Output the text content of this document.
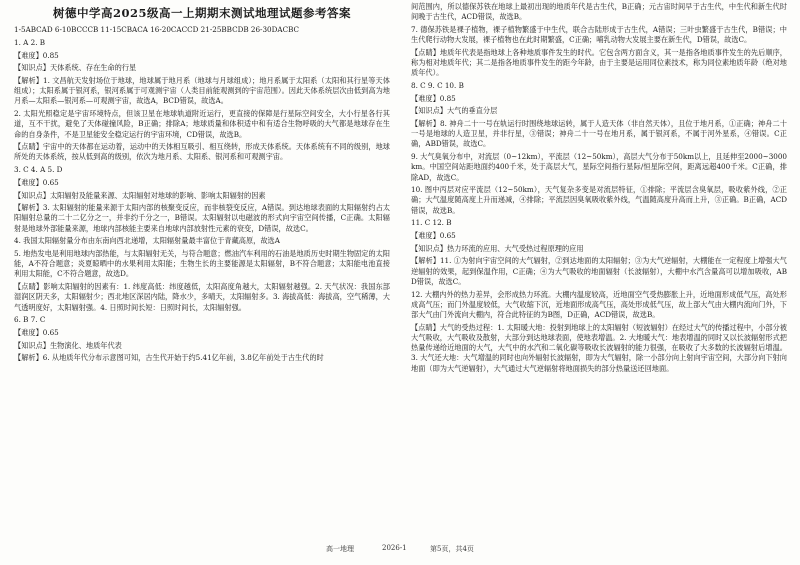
树德中学高2025级高一上期期末测试地理试题参考答案
1-5ABCAD 6-10BCCCB 11-15CBACA 16-20CACCD 21-25BBCDB 26-30DACBC
1. A 2. B
【难度】0.85
【知识点】天体系统、存在生命的行星
【解析】1. 文昌航天发射场位于地球，地球属于地月系（地球与月球组成）；地月系属于太阳系（太阳和其行星等天体组成）；太阳系属于银河系，银河系属于可观测宇宙（人类目前能观测到的宇宙范围）。因此天体系统层次由低到高为地月系—太阳系—银河系—可观测宇宙，故选A，BCD错误，故选A。
2. 太阳光照稳定是宇宙环境特点，但该卫星在地球轨道附近运行，更直接的保障是行星际空间安全，大小行星各行其道，互不干扰，避免了天体碰撞风险，B正确；排除A；地球质量和体积适中和有适合生物呼吸的大气都是地球存在生命的自身条件，不是卫星能安全稳定运行的宇宙环境，CD错误，故选B。
【点睛】宇宙中的天体都在运动着，运动中的天体相互吸引、相互绕转，形成天体系统。天体系统有不同的级别，地球所处的天体系统，按从低到高的级别，依次为地月系、太阳系、银河系和可观测宇宙。
3. C 4. A 5. D
【难度】0.65
【知识点】太阳辐射及能量来源、太阳辐射对地球的影响、影响太阳辐射的因素
【解析】3. 太阳辐射的能量来源于太阳内部的核聚变反应，而非核裂变反应，A错误。到达地球表面的太阳辐射约占太阳辐射总量的二十二亿分之一，并非约千分之一，B错误。太阳辐射以电磁波的形式向宇宙空间传播，C正确。太阳辐射是地球外部能量来源，地球内部核能主要来自地球内部放射性元素的衰变，D错误，故选C。
4. 我国太阳辐射量分布由东南向西北递增，太阳辐射量最丰富位于青藏高原，故选A
5. 地热发电是利用地球内部热能，与太阳辐射无关，与符合题意；燃油汽车利用的石油是地质历史时期生物固定的太阳能，A不符合题意；炎夏晾晒中的水果利用太阳能；生物生长的主要能源是太阳辐射，B不符合题意；太阳能电池直接利用太阳能，C不符合题意，故选D。
【点睛】影响太阳辐射的因素有：1. 纬度高低：纬度越低，太阳高度角越大，太阳辐射越强。2. 天气状况：我国东部湿润区阴天多，太阳辐射少；西北地区深居内陆，降水少，多晴天，太阳辐射多。3. 海拔高低：海拔高，空气稀薄，大气透明度好，太阳辐射强。4. 日照时间长短：日照时间长，太阳辐射强。
6. B 7. C
【难度】0.65
【知识点】生物演化、地质年代表
【解析】6. 从地质年代分布示意图可知，古生代开始于约5.41亿年前，3.8亿年前处于古生代的时
间范围内，所以德保苏铁在地球上最初出现的地质年代是古生代，B正确；元古宙时间早于古生代，中生代和新生代时间晚于古生代，ACD错误，故选B。
7. 德保苏铁是裸子植物，裸子植物繁盛于中生代，联合古陆形成于古生代，A错误；三叶虫繁盛于古生代，B错误；中生代爬行动物大发展，裸子植物也在此时期繁盛，C正确；哺乳动物大发展主要在新生代，D错误，故选C。
【点睛】地质年代表是指地球上各种地质事件发生的时代。它包含两方面含义，其一是指各地质事件发生的先后顺序，称为相对地质年代；其二是指各地质事件发生的距今年龄，由于主要是运用同位素技术，称为同位素地质年龄（绝对地质年代）。
8. C 9. C 10. B
【难度】0.85
【知识点】大气的垂直分层
【解析】8. 神舟二十一号在轨运行时围绕地球运转，属于人造天体（非自然天体），且位于地月系，①正确；神舟二十一号是地球的人造卫星，并非行星，③错误；神舟二十一号在地月系，属于银河系，不属于河外星系，④错误。C正确，ABD错误，故选C。
9. 大气臭氧分布中，对流层（0~12km），平流层（12~50km），高层大气分布于50km以上，且延伸至2000~3000km。中国空间站距地面约400千米，处于高层大气，星际空间指行星际/恒星际空间，距离远超400千米。C正确，排除AD，故选C。
10. 图中丙层对应平流层（12~50km），天气复杂多变是对流层特征，①排除；平流层含臭氧层，吸收紫外线，②正确；大气温度随高度上升而递减，④排除；平流层因臭氧吸收紫外线，气温随高度升高而上升，③正确。B正确，ACD错误，故选B。
11. C 12. B
【难度】0.65
【知识点】热力环流的应用、大气受热过程原理的应用
【解析】11. ①为射向宇宙空间的大气辐射，②到达地面的太阳辐射；③为大气逆辐射，大棚能在一定程度上增强大气逆辐射的效果，起到保温作用，C正确；④为大气吸收的地面辐射（长波辐射），大棚中水汽含量高可以增加吸收，ABD错误，故选C。
12. 大棚内外的热力差异，会形成热力环流。大棚内温度较高，近地面空气受热膨胀上升，近地面形成低气压，高处形成高气压；而门外温度较低，大气收缩下沉，近地面形成高气压，高处形成低气压，故上部大气由大棚内流向门外，下部大气由门外流向大棚内，符合此特征的为B图，D正确，ACD错误，故选B。
【点睛】大气的受热过程：1. 太阳暖大地：投射到地球上的太阳辐射（短波辐射）在经过大气的传播过程中，小部分被大气吸收，大气吸收及散射，大部分到达地球表面，使地表增温。2. 大地暖大气：地表增温的同时又以长波辐射形式把热量传递给近地面的大气，大气中的水汽和二氧化碳等吸收长波辐射的能力很强，在吸收了大多数的长波辐射后增温。3. 大气还大地：大气增温的同时也向外辐射长波辐射，即为大气辐射，除一小部分向上射向宇宙空间，大部分向下射向地面（即为大气逆辐射），大气通过大气逆辐射将地面损失的部分热量送还回地面。
高一地理	2026-1	第5页，共4页
